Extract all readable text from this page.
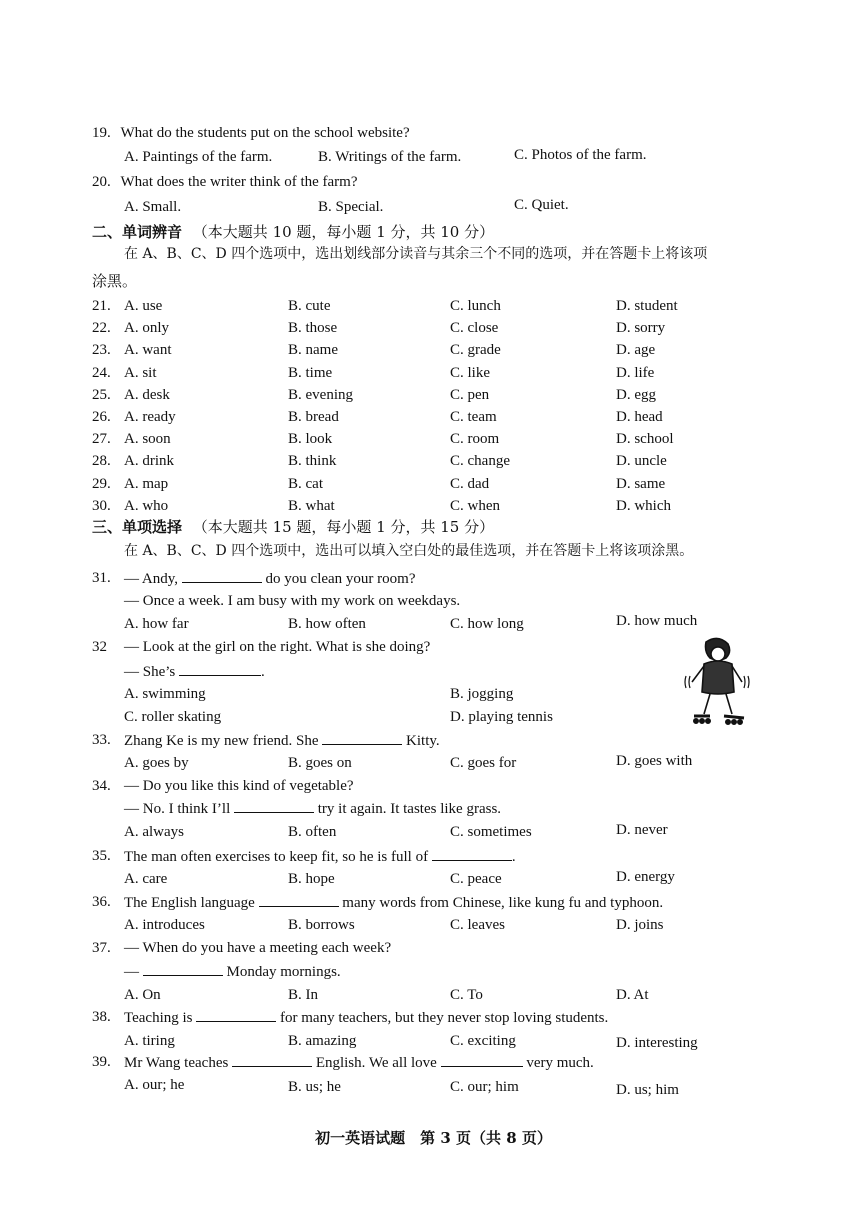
19. What do the students put on the school website?
A. Paintings of the farm.	B. Writings of the farm.	C. Photos of the farm.
20. What does the writer think of the farm?
A. Small.	B. Special.	C. Quiet.
二、单词辨音 （本大题共 10 题，每小题 1 分，共 10 分）
在 A、B、C、D 四个选项中，选出划线部分读音与其余三个不同的选项，并在答题卡上将该项
涂黑。
21. A. use	B. cute	C. lunch	D. student
22. A. only	B. those	C. close	D. sorry
23. A. want	B. name	C. grade	D. age
24. A. sit	B. time	C. like	D. life
25. A. desk	B. evening	C. pen	D. egg
26. A. ready	B. bread	C. team	D. head
27. A. soon	B. look	C. room	D. school
28. A. drink	B. think	C. change	D. uncle
29. A. map	B. cat	C. dad	D. same
30. A. who	B. what	C. when	D. which
三、单项选择 （本大题共 15 题，每小题 1 分，共 15 分）
在 A、B、C、D 四个选项中，选出可以填入空白处的最佳选项，并在答题卡上将该项涂黑。
31. — Andy,	do you clean your room?
— Once a week. I am busy with my work on weekdays.
A. how far	B. how often	C. how long	D. how much
32 — Look at the girl on the right. What is she doing?
— She’s	.
A. swimming	B. jogging
C. roller skating	D. playing tennis
33. Zhang Ke is my new friend. She	Kitty.
A. goes by	B. goes on	C. goes for	D. goes with
34. — Do you like this kind of vegetable?
— No. I think I’ll	try it again. It tastes like grass.
A. always	B. often	C. sometimes	D. never
35. The man often exercises to keep fit, so he is full of	.
A. care	B. hope	C. peace	D. energy
36. The English language	many words from Chinese, like kung fu and typhoon.
A. introduces	B. borrows	C. leaves	D. joins
37. — When do you have a meeting each week?
—	Monday mornings.
A. On	B. In	C. To	D. At
38. Teaching is	for many teachers, but they never stop loving students.
A. tiring	B. amazing	C. exciting	D. interesting
39. Mr Wang teaches	English. We all love	very much.
A. our; he	B. us; he	C. our; him	D. us; him
初一英语试题　第 3 页（共 8 页）
